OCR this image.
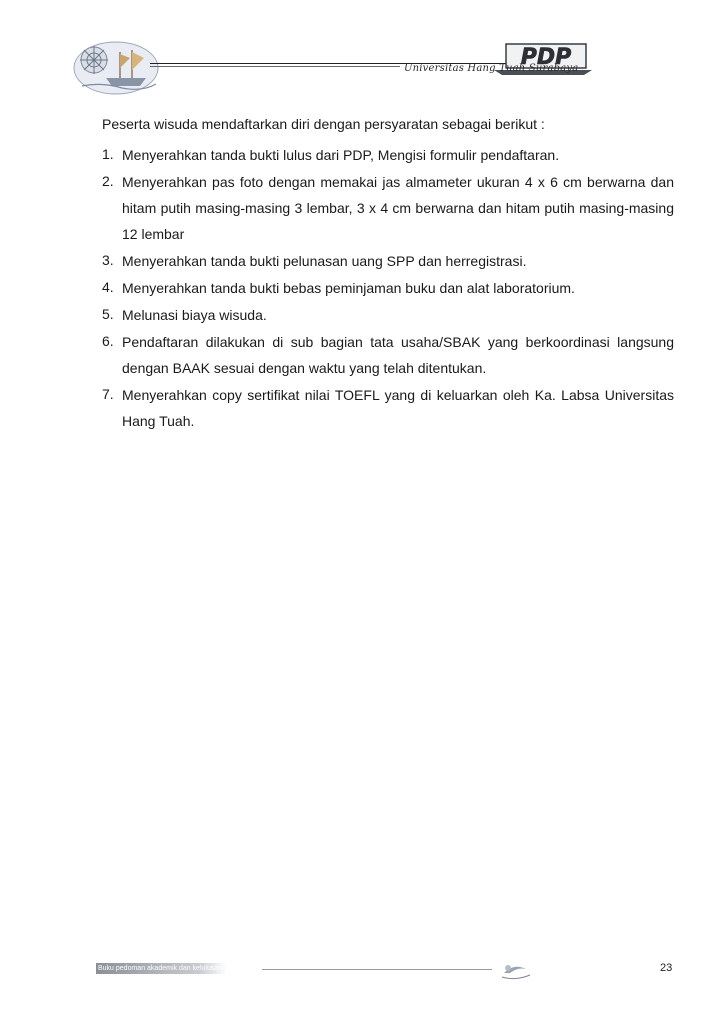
PDP
Universitas Hang Tuah Surabaya

Peserta wisuda mendaftarkan diri dengan persyaratan sebagai berikut :

1. Menyerahkan tanda bukti lulus dari PDP, Mengisi formulir pendaftaran.
2. Menyerahkan pas foto dengan memakai jas almameter ukuran 4 x 6 cm berwarna dan hitam putih masing-masing 3 lembar, 3 x 4 cm berwarna dan hitam putih masing-masing 12 lembar
3. Menyerahkan tanda bukti pelunasan uang SPP dan herregistrasi.
4. Menyerahkan tanda bukti bebas peminjaman buku dan alat laboratorium.
5. Melunasi biaya wisuda.
6. Pendaftaran dilakukan di sub bagian tata usaha/SBAK yang berkoordinasi langsung dengan BAAK sesuai dengan waktu yang telah ditentukan.
7. Menyerahkan copy sertifikat nilai TOEFL yang di keluarkan oleh Ka. Labsa Universitas Hang Tuah.
Buku pedoman akademik dan kelulusan	23
